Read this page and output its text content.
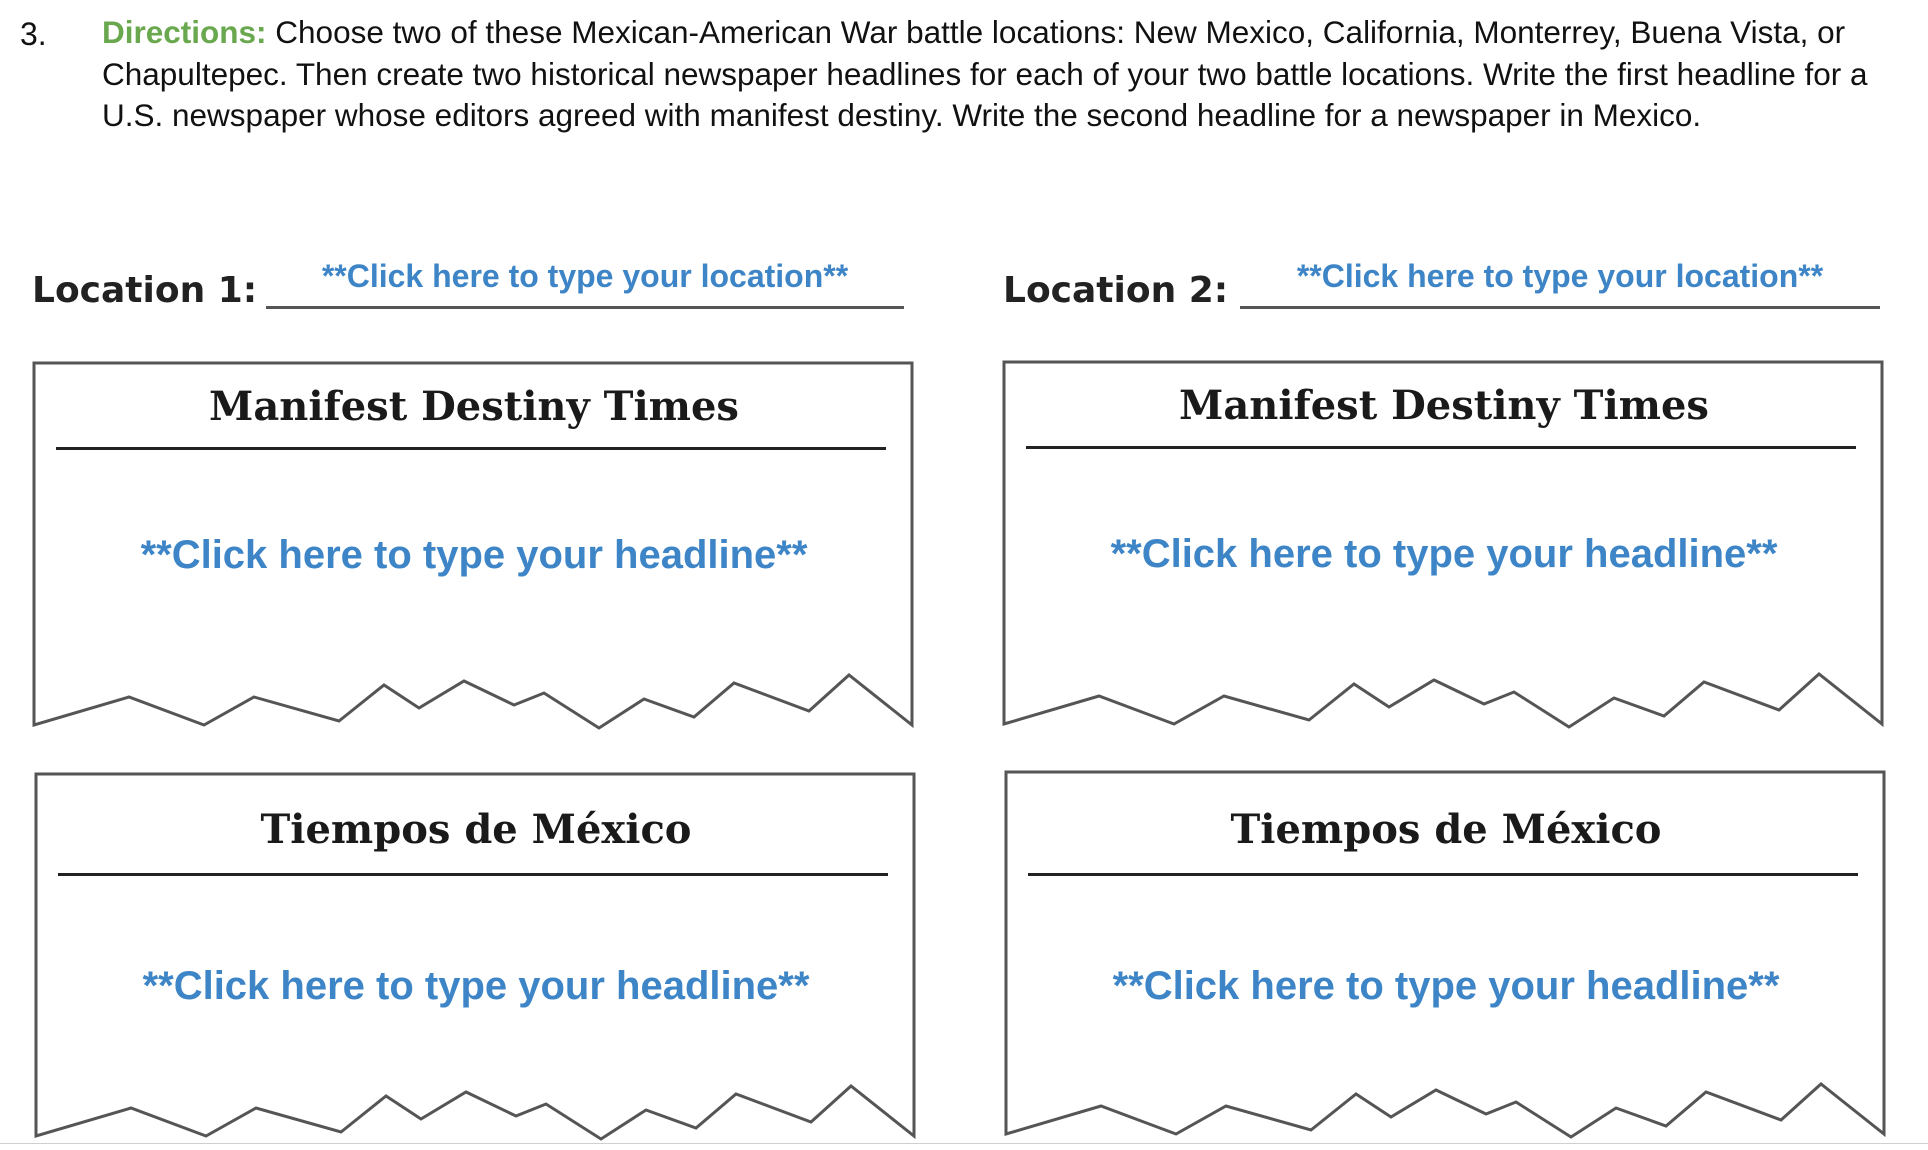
3. Directions: Choose two of these Mexican-American War battle locations: New Mexico, California, Monterrey, Buena Vista, or Chapultepec. Then create two historical newspaper headlines for each of your two battle locations. Write the first headline for a U.S. newspaper whose editors agreed with manifest destiny. Write the second headline for a newspaper in Mexico.

Location 1:	**Click here to type your location**	Location 2:	**Click here to type your location**
Manifest Destiny Times
**Click here to type your headline**
Manifest Destiny Times
**Click here to type your headline**
Tiempos de México
**Click here to type your headline**
Tiempos de México
**Click here to type your headline**
